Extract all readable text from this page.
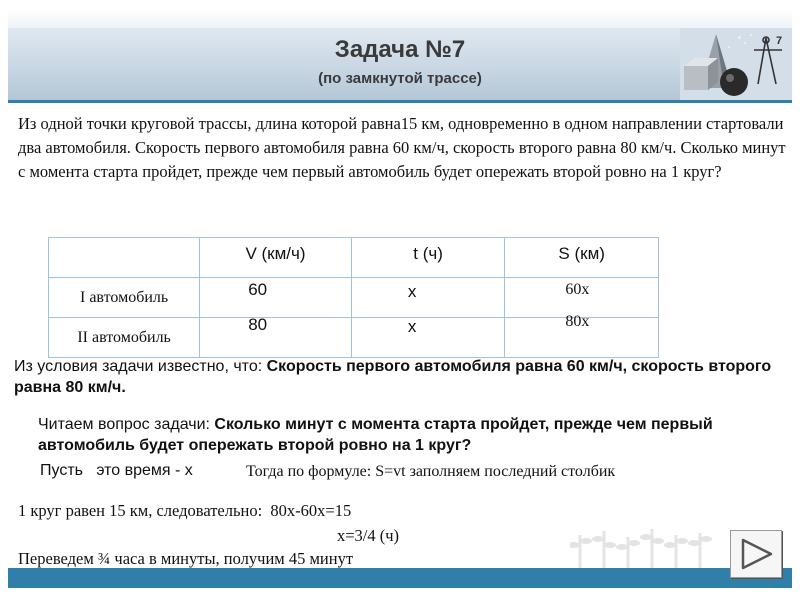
Задача №7
(по замкнутой трассе)
7
Из одной точки круговой трассы, длина которой равна15 км, одновременно в одном направлении стартовали два автомобиля. Скорость первого автомобиля равна 60 км/ч, скорость второго равна 80 км/ч. Сколько минут с момента старта пройдет, прежде чем первый автомобиль будет опережать второй ровно на 1 круг?
	V (км/ч)	t (ч)	S (км)
I автомобиль	60	x	60x

II автомобиль	80	x	80x
Из условия задачи известно, что: Скорость первого автомобиля равна 60 км/ч, скорость второго равна 80 км/ч.
Читаем вопрос задачи: Сколько минут с момента старта пройдет, прежде чем первый автомобиль будет опережать второй ровно на 1 круг?
Пусть   это время - х	Тогда по формуле: S=vt заполняем последний столбик
1 круг равен 15 км, следовательно:  80х-60х=15
х=3/4 (ч)
Переведем ¾ часа в минуты, получим 45 минут
